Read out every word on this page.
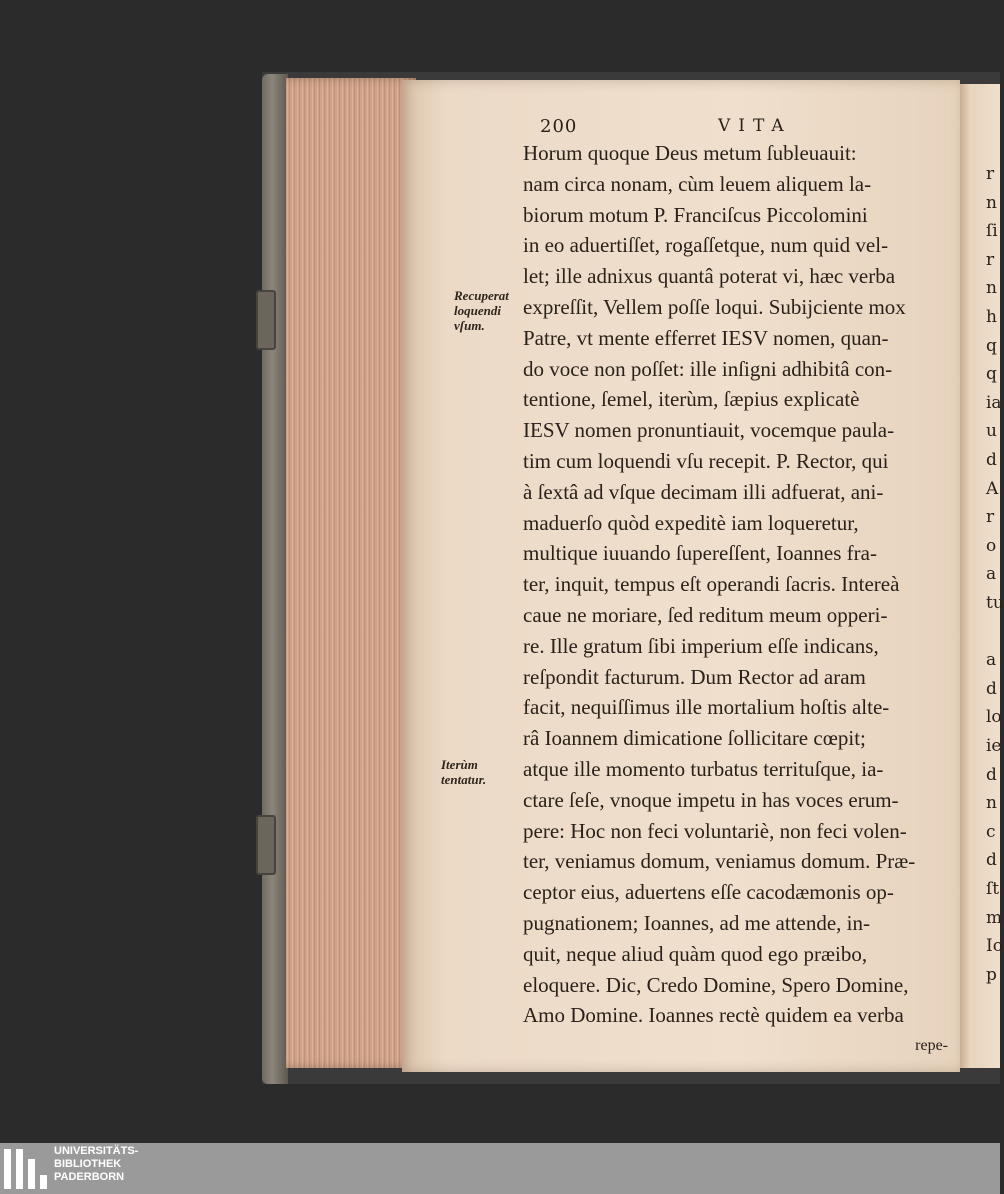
r
n
ſi
r
n
h
q
q
ia
u
d
A
r
o
a
tu
a
d
lo
ie
d
n
c
d
ſt
m
Io
p
200	VITA
Horum quoque Deus metum ſubleuauit:
nam circa nonam, cùm leuem aliquem la-
biorum motum P. Franciſcus Piccolomini
in eo aduertiſſet, rogaſſetque, num quid vel-
let; ille adnixus quantâ poterat vi, hæc verba
expreſſit, Vellem poſſe loqui. Subijciente mox
Patre, vt mente efferret IESV nomen, quan-
do voce non poſſet: ille inſigni adhibitâ con-
tentione, ſemel, iterùm, ſæpius explicatè
IESV nomen pronuntiauit, vocemque paula-
tim cum loquendi vſu recepit. P. Rector, qui
à ſextâ ad vſque decimam illi adfuerat, ani-
maduerſo quòd expeditè iam loqueretur,
multique iuuando ſupereſſent, Ioannes fra-
ter, inquit, tempus eſt operandi ſacris. Intereà
caue ne moriare, ſed reditum meum opperi-
re. Ille gratum ſibi imperium eſſe indicans,
reſpondit facturum. Dum Rector ad aram
facit, nequiſſimus ille mortalium hoſtis alte-
râ Ioannem dimicatione ſollicitare cœpit;
atque ille momento turbatus territuſque, ia-
ctare ſeſe, vnoque impetu in has voces erum-
pere: Hoc non feci voluntariè, non feci volen-
ter, veniamus domum, veniamus domum. Præ-
ceptor eius, aduertens eſſe cacodæmonis op-
pugnationem; Ioannes, ad me attende, in-
quit, neque aliud quàm quod ego præibo,
eloquere. Dic, Credo Domine, Spero Domine,
Amo Domine. Ioannes rectè quidem ea verba
repe-
Recuperat
loquendi
vſum.
Iterùm
tentatur.
UNIVERSITÄTS-
BIBLIOTHEK
PADERBORN
